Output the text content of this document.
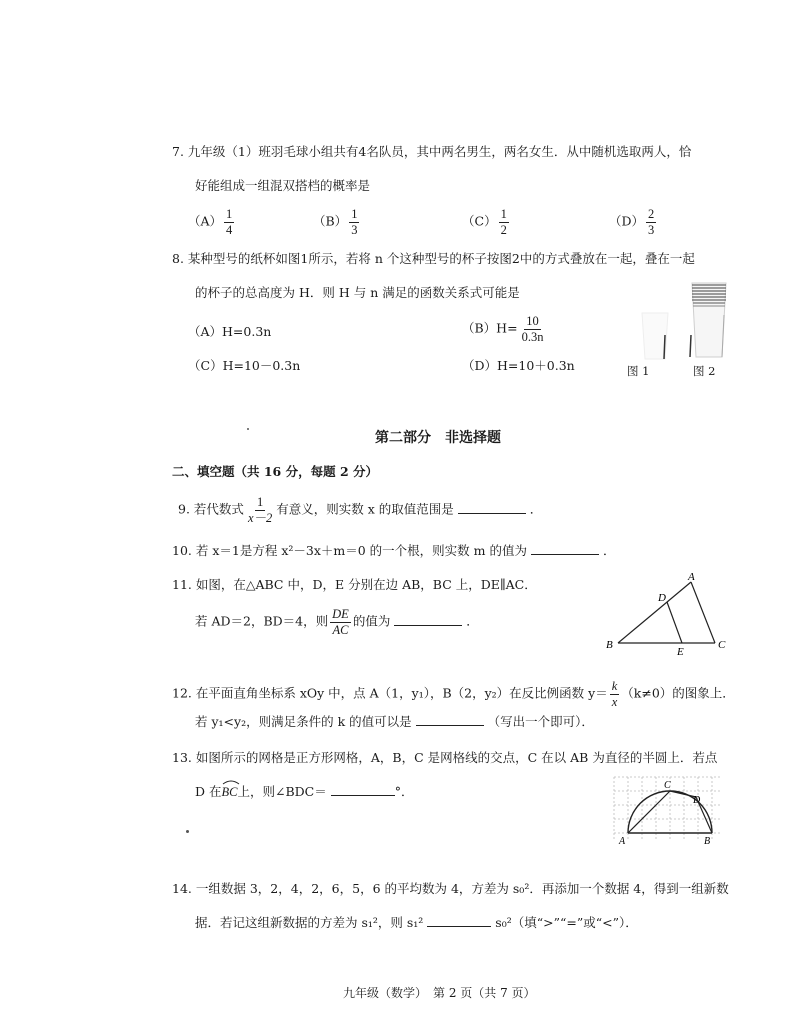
7. 九年级（1）班羽毛球小组共有4名队员，其中两名男生，两名女生．从中随机选取两人，恰
好能组成一组混双搭档的概率是
$(A) \frac{1}{4}$	$(B) \frac{1}{3}$	$(C) \frac{1}{2}$	$(D) \frac{2}{3}$
8. 某种型号的纸杯如图1所示，若将 n 个这种型号的杯子按图2中的方式叠放在一起，叠在一起
的杯子的总高度为 H．则 H 与 n 满足的函数关系式可能是
（A）H=0.3n	$(B)H= \frac{10}{0.3n}$
（C）H=10－0.3n	（D）H=10＋0.3n	图 1	图 2
第二部分　非选择题
二、填空题（共 16 分，每题 2 分）
9. 若代数式 $\frac{1}{x-2}$ 有意义，则实数 x 的取值范围是	．
10. 若 x＝1是方程 x²－3x＋m＝0 的一个根，则实数 m 的值为	．
11. 如图，在△ABC 中，D，E 分别在边 AB，BC 上，DE∥AC．
若 AD＝2，BD＝4，则 $\frac{DE}{AC}$ 的值为	．
A
B	C
D
E
12. 在平面直角坐标系 xOy 中，点 A（1，y₁），B（2，y₂）在反比例函数 $y= \frac{k}{x} (k\ne 0)$的图象上．
若 y₁<y₂，则满足条件的 k 的值可以是	（写出一个即可）．
13. 如图所示的网格是正方形网格，A，B，C 是网格线的交点，C 在以 AB 为直径的半圆上．若点
D 在
BC上，则∠BDC＝	°．	C
D
A	B
14. 一组数据 3，2，4，2，6，5，6 的平均数为 4，方差为 s₀²．再添加一个数据 4，得到一组新数
据．若记这组新数据的方差为 s₁²，则 s₁²	s₀²（填“>”“=”或“<”）．
九年级（数学）　第 2 页（共 7 页）
